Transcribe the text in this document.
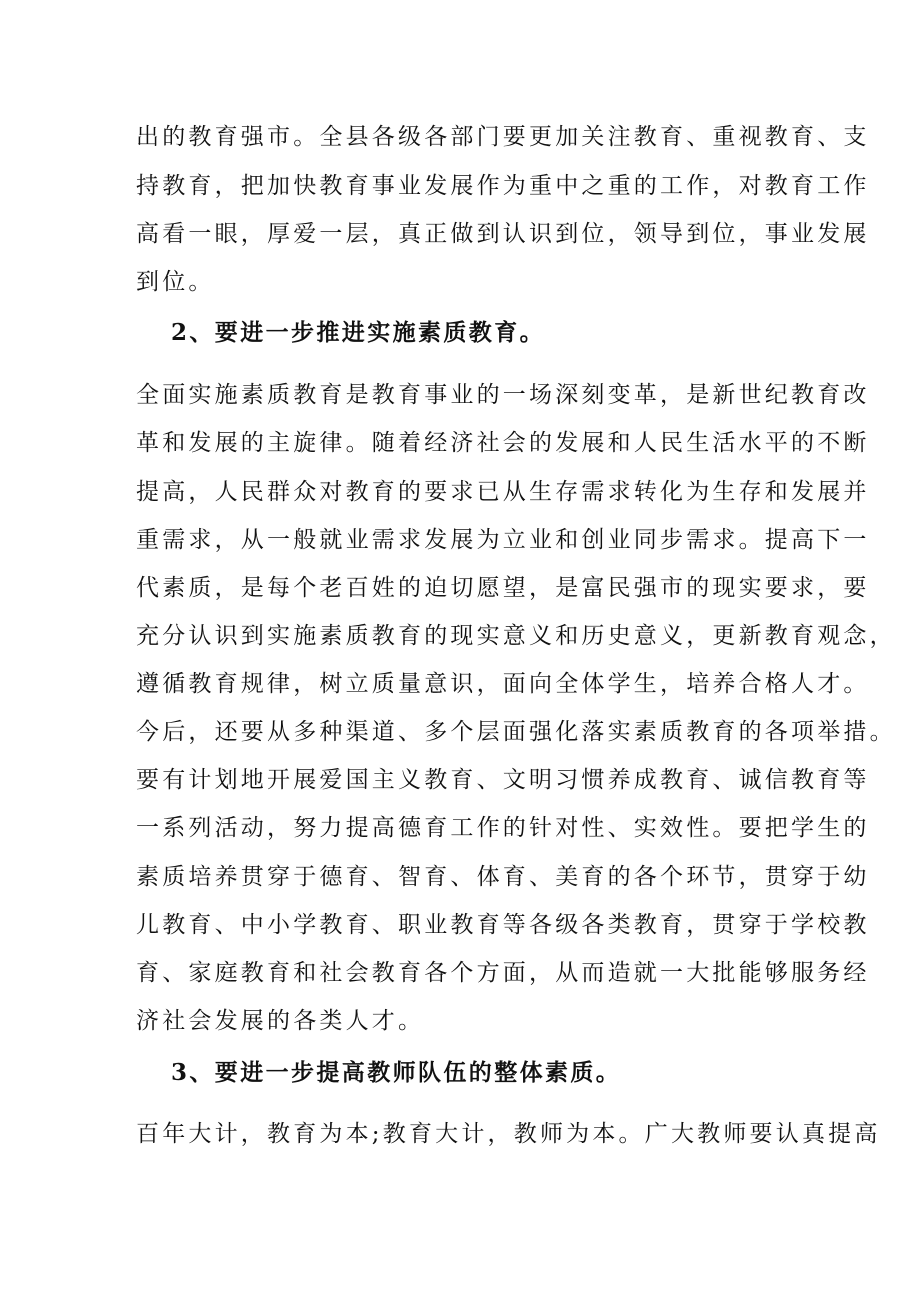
出的教育强市。全县各级各部门要更加关注教育、重视教育、支
持教育，把加快教育事业发展作为重中之重的工作，对教育工作
高看一眼，厚爱一层，真正做到认识到位，领导到位，事业发展
到位。
2、要进一步推进实施素质教育。
全面实施素质教育是教育事业的一场深刻变革，是新世纪教育改
革和发展的主旋律。随着经济社会的发展和人民生活水平的不断
提高，人民群众对教育的要求已从生存需求转化为生存和发展并
重需求，从一般就业需求发展为立业和创业同步需求。提高下一
代素质，是每个老百姓的迫切愿望，是富民强市的现实要求，要
充分认识到实施素质教育的现实意义和历史意义，更新教育观念，
遵循教育规律，树立质量意识，面向全体学生，培养合格人才。
今后，还要从多种渠道、多个层面强化落实素质教育的各项举措。
要有计划地开展爱国主义教育、文明习惯养成教育、诚信教育等
一系列活动，努力提高德育工作的针对性、实效性。要把学生的
素质培养贯穿于德育、智育、体育、美育的各个环节，贯穿于幼
儿教育、中小学教育、职业教育等各级各类教育，贯穿于学校教
育、家庭教育和社会教育各个方面，从而造就一大批能够服务经
济社会发展的各类人才。
3、要进一步提高教师队伍的整体素质。
百年大计，教育为本;教育大计，教师为本。广大教师要认真提高
